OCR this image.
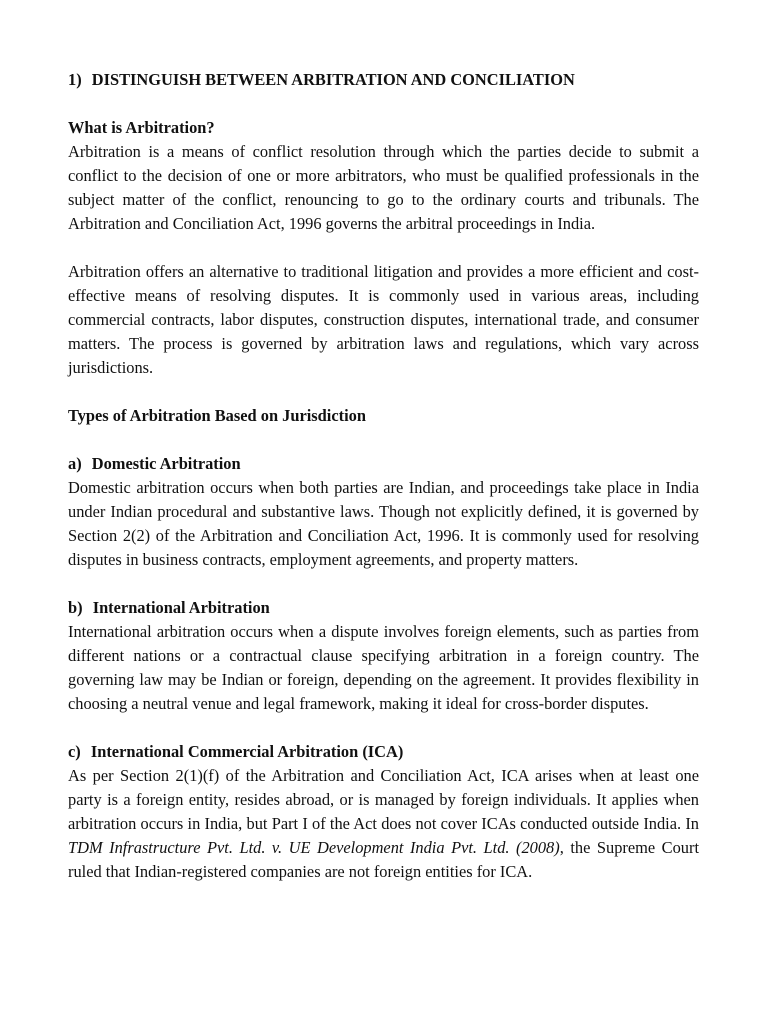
1) DISTINGUISH BETWEEN ARBITRATION AND CONCILIATION

What is Arbitration?

Arbitration is a means of conflict resolution through which the parties decide to submit a conflict to the decision of one or more arbitrators, who must be qualified professionals in the subject matter of the conflict, renouncing to go to the ordinary courts and tribunals. The Arbitration and Conciliation Act, 1996 governs the arbitral proceedings in India.

Arbitration offers an alternative to traditional litigation and provides a more efficient and cost-effective means of resolving disputes. It is commonly used in various areas, including commercial contracts, labor disputes, construction disputes, international trade, and consumer matters. The process is governed by arbitration laws and regulations, which vary across jurisdictions.

Types of Arbitration Based on Jurisdiction

a) Domestic Arbitration

Domestic arbitration occurs when both parties are Indian, and proceedings take place in India under Indian procedural and substantive laws. Though not explicitly defined, it is governed by Section 2(2) of the Arbitration and Conciliation Act, 1996. It is commonly used for resolving disputes in business contracts, employment agreements, and property matters.

b) International Arbitration

International arbitration occurs when a dispute involves foreign elements, such as parties from different nations or a contractual clause specifying arbitration in a foreign country. The governing law may be Indian or foreign, depending on the agreement. It provides flexibility in choosing a neutral venue and legal framework, making it ideal for cross-border disputes.

c) International Commercial Arbitration (ICA)

As per Section 2(1)(f) of the Arbitration and Conciliation Act, ICA arises when at least one party is a foreign entity, resides abroad, or is managed by foreign individuals. It applies when arbitration occurs in India, but Part I of the Act does not cover ICAs conducted outside India. In TDM Infrastructure Pvt. Ltd. v. UE Development India Pvt. Ltd. (2008), the Supreme Court ruled that Indian-registered companies are not foreign entities for ICA.
